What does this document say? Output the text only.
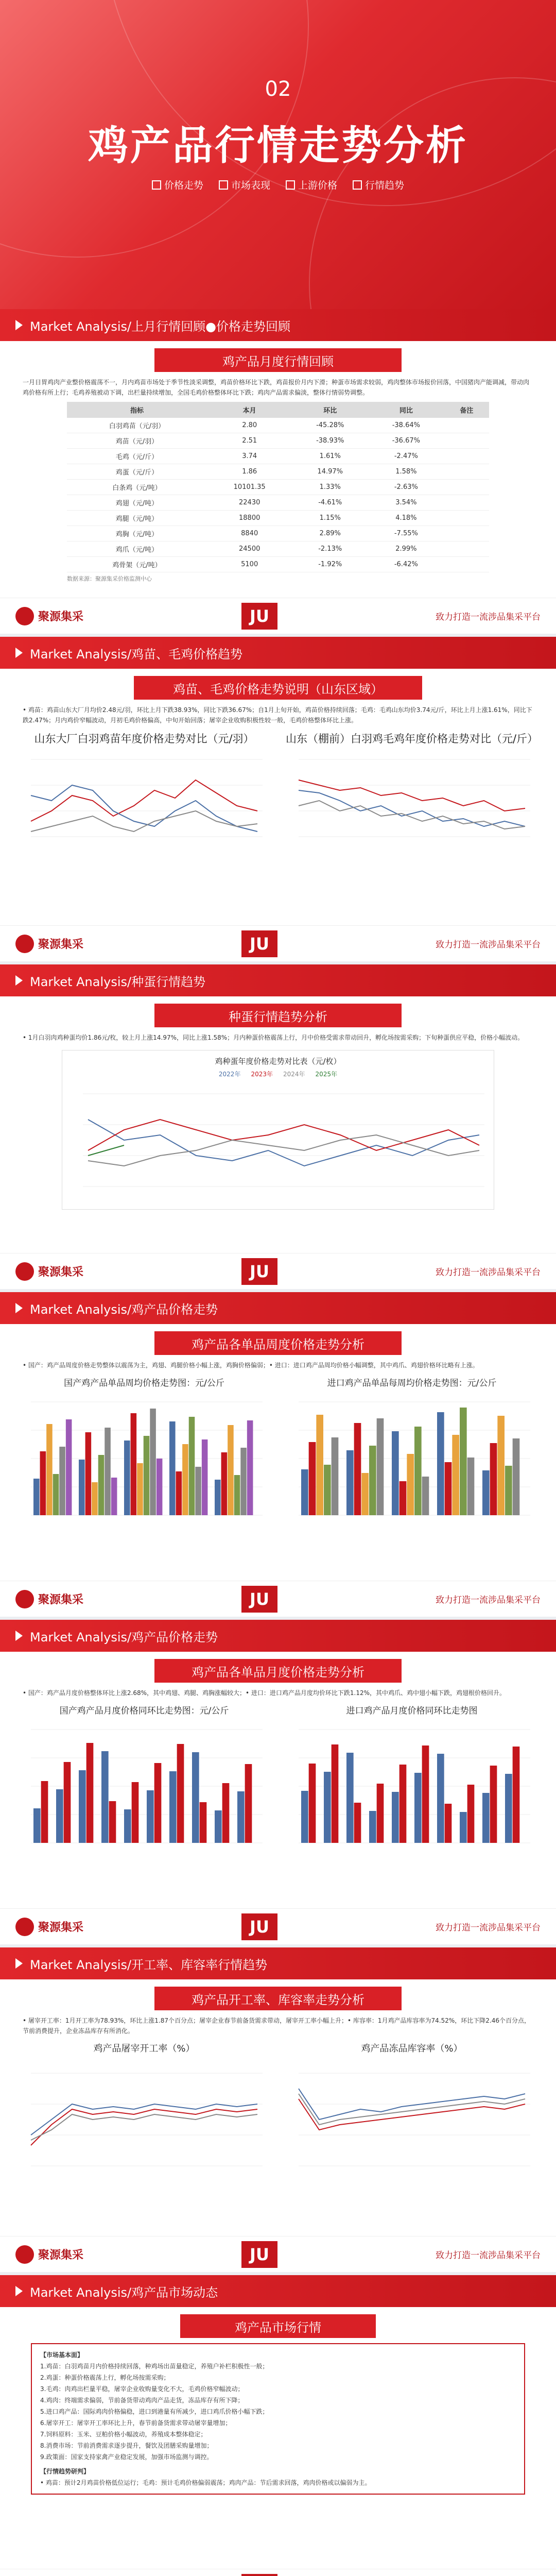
02
鸡产品行情走势分析
价格走势	市场表现	上游价格	行情趋势
Market Analysis/上月行情回顾●价格走势回顾
鸡产品月度行情回顾
一月日胃鸡肉产业整价格震荡不一，月内鸡苗市场处于季节性淡采调整，鸡苗价格环比下跌，鸡苗报价月内下滑；种蛋市场需求较弱，鸡肉整体市场报价回落，中国猪肉产能调减，带动肉鸡价格有所上行；毛鸡养殖被动下调，出栏量持续增加，全国毛鸡价格整体环比下跌；鸡肉产品需求偏淡，整体行情弱势调整。
指标	本月	环比	同比	备注
白羽鸡苗（元/羽）	2.80	-45.28%	-38.64%	
鸡苗（元/羽）	2.51	-38.93%	-36.67%	
毛鸡（元/斤）	3.74	1.61%	-2.47%	
鸡蛋（元/斤）	1.86	14.97%	1.58%	
白条鸡（元/吨）	10101.35	1.33%	-2.63%	
鸡翅（元/吨）	22430	-4.61%	3.54%	
鸡腿（元/吨）	18800	1.15%	4.18%	
鸡胸（元/吨）	8840	2.89%	-7.55%	
鸡爪（元/吨）	24500	-2.13%	2.99%	
鸡骨架（元/吨）	5100	-1.92%	-6.42%	
数据来源：聚源集采价格监测中心
聚源集采	JU	致力打造一流涉品集采平台
Market Analysis/鸡苗、毛鸡价格趋势
鸡苗、毛鸡价格走势说明（山东区域）
• 鸡苗：鸡苗山东大厂月均价2.48元/羽，环比上月下跌38.93%，同比下跌36.67%；自1月上旬开始，鸡苗价格持续回落；毛鸡：毛鸡山东均价3.74元/斤，环比上月上涨1.61%，同比下跌2.47%；月内鸡价窄幅波动，月初毛鸡价格偏高，中旬开始回落；屠宰企业收购积极性较一般，毛鸡价格整体环比上涨。
山东大厂白羽鸡苗年度价格走势对比（元/羽）	山东（棚前）白羽鸡毛鸡年度价格走势对比（元/斤）
聚源集采	JU	致力打造一流涉品集采平台
Market Analysis/种蛋行情趋势
种蛋行情趋势分析
• 1月白羽肉鸡种蛋均价1.86元/枚，较上月上涨14.97%，同比上涨1.58%；月内种蛋价格震荡上行，月中价格受需求带动回升，孵化场按需采购；下旬种蛋供应平稳，价格小幅波动。
鸡种蛋年度价格走势对比表（元/枚）
2022年 2023年 2024年 2025年
聚源集采	JU	致力打造一流涉品集采平台
Market Analysis/鸡产品价格走势
鸡产品各单品周度价格走势分析
• 国产：鸡产品周度价格走势整体以震荡为主，鸡翅、鸡腿价格小幅上涨，鸡胸价格偏弱；• 进口：进口鸡产品周均价格小幅调整，其中鸡爪、鸡翅价格环比略有上涨。
国产鸡产品单品周均价格走势图：元/公斤	进口鸡产品单品每周均价格走势图：元/公斤
聚源集采	JU	致力打造一流涉品集采平台
Market Analysis/鸡产品价格走势
鸡产品各单品月度价格走势分析
• 国产：鸡产品月度价格整体环比上涨2.68%，其中鸡翅、鸡腿、鸡胸涨幅较大；• 进口：进口鸡产品月度均价环比下跌1.12%，其中鸡爪、鸡中翅小幅下跌，鸡翅根价格回升。
国产鸡产品月度价格同环比走势图：元/公斤	进口鸡产品月度价格同环比走势图
聚源集采	JU	致力打造一流涉品集采平台
Market Analysis/开工率、库容率行情趋势
鸡产品开工率、库容率走势分析
• 屠宰开工率：1月开工率为78.93%，环比上涨1.87个百分点；屠宰企业春节前备货需求带动，屠宰开工率小幅上升；• 库容率：1月鸡产品库容率为74.52%，环比下降2.46个百分点，节前消费提升，企业冻品库存有所消化。
鸡产品屠宰开工率（%）	鸡产品冻品库容率（%）
聚源集采	JU	致力打造一流涉品集采平台
Market Analysis/鸡产品市场动态
鸡产品市场行情
【市场基本面】
1.鸡苗：白羽鸡苗月内价格持续回落，种鸡场出苗量稳定，养殖户补栏积极性一般；
2.鸡蛋：种蛋价格震荡上行，孵化场按需采购；
3.毛鸡：肉鸡出栏量平稳，屠宰企业收购量变化不大，毛鸡价格窄幅波动；
4.鸡肉：终端需求偏弱，节前备货带动鸡肉产品走货，冻品库存有所下降；
5.进口鸡产品：国际鸡肉价格偏稳，进口到港量有所减少，进口鸡爪价格小幅下跌；
6.屠宰开工：屠宰开工率环比上升，春节前备货需求带动屠宰量增加；
7.饲料原料：玉米、豆粕价格小幅波动，养殖成本整体稳定；
8.消费市场：节前消费需求逐步提升，餐饮及团膳采购量增加；
9.政策面：国家支持家禽产业稳定发展，加强市场监测与调控。
【行情趋势研判】
• 鸡苗：预计2月鸡苗价格低位运行；毛鸡：预计毛鸡价格偏弱震荡；鸡肉产品：节后需求回落，鸡肉价格或以偏弱为主。
